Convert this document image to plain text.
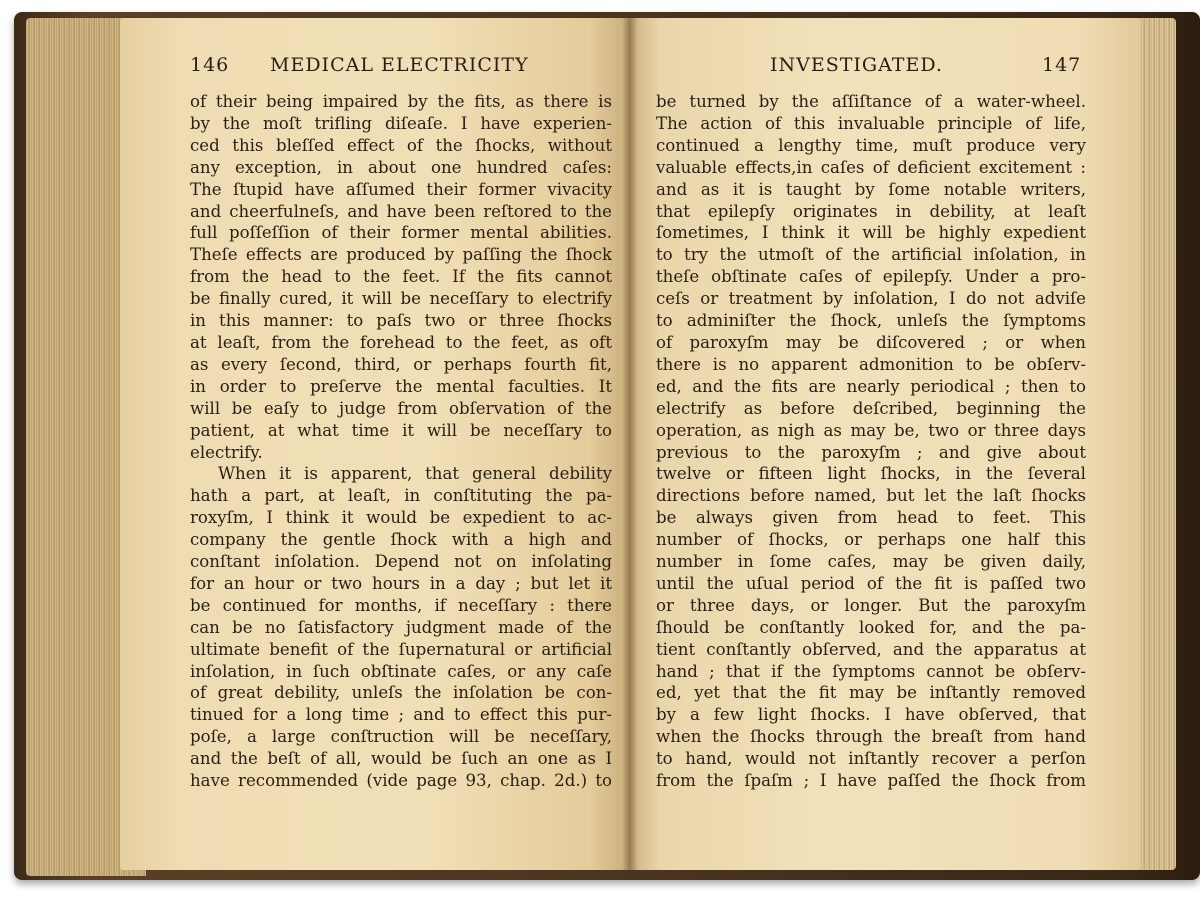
146 MEDICAL ELECTRICITY
of their being impaired by the fits, as there is
by the moſt trifling diſeaſe. I have experien-
ced this bleſſed effect of the ſhocks, without
any exception, in about one hundred caſes:
The ſtupid have aſſumed their former vivacity
and cheerfulneſs, and have been reſtored to the
full poſſeſſion of their former mental abilities.
Theſe effects are produced by paſſing the ſhock
from the head to the feet. If the fits cannot
be finally cured, it will be neceſſary to electrify
in this manner: to paſs two or three ſhocks
at leaſt, from the forehead to the feet, as oft
as every ſecond, third, or perhaps fourth fit,
in order to preſerve the mental faculties. It
will be eaſy to judge from obſervation of the
patient, at what time it will be neceſſary to
electrify.
When it is apparent, that general debility
hath a part, at leaſt, in conſtituting the pa-
roxyſm, I think it would be expedient to ac-
company the gentle ſhock with a high and
conſtant inſolation. Depend not on inſolating
for an hour or two hours in a day ; but let it
be continued for months, if neceſſary : there
can be no ſatisfactory judgment made of the
ultimate benefit of the ſupernatural or artificial
inſolation, in ſuch obſtinate caſes, or any caſe
of great debility, unleſs the inſolation be con-
tinued for a long time ; and to effect this pur-
poſe, a large conſtruction will be neceſſary,
and the beſt of all, would be ſuch an one as I
have recommended (vide page 93, chap. 2d.) to
INVESTIGATED.	147
be turned by the aſſiſtance of a water-wheel.
The action of this invaluable principle of life,
continued a lengthy time, muſt produce very
valuable effects,in caſes of deficient excitement :
and as it is taught by ſome notable writers,
that epilepſy originates in debility, at leaſt
ſometimes, I think it will be highly expedient
to try the utmoſt of the artificial inſolation, in
theſe obſtinate caſes of epilepſy. Under a pro-
ceſs or treatment by inſolation, I do not adviſe
to adminiſter the ſhock, unleſs the ſymptoms
of paroxyſm may be diſcovered ; or when
there is no apparent admonition to be obſerv-
ed, and the fits are nearly periodical ; then to
electrify as before deſcribed, beginning the
operation, as nigh as may be, two or three days
previous to the paroxyſm ; and give about
twelve or fifteen light ſhocks, in the ſeveral
directions before named, but let the laſt ſhocks
be always given from head to feet. This
number of ſhocks, or perhaps one half this
number in ſome caſes, may be given daily,
until the uſual period of the fit is paſſed two
or three days, or longer. But the paroxyſm
ſhould be conſtantly looked for, and the pa-
tient conſtantly obſerved, and the apparatus at
hand ; that if the ſymptoms cannot be obſerv-
ed, yet that the fit may be inſtantly removed
by a few light ſhocks. I have obſerved, that
when the ſhocks through the breaſt from hand
to hand, would not inſtantly recover a perſon
from the ſpaſm ; I have paſſed the ſhock from
